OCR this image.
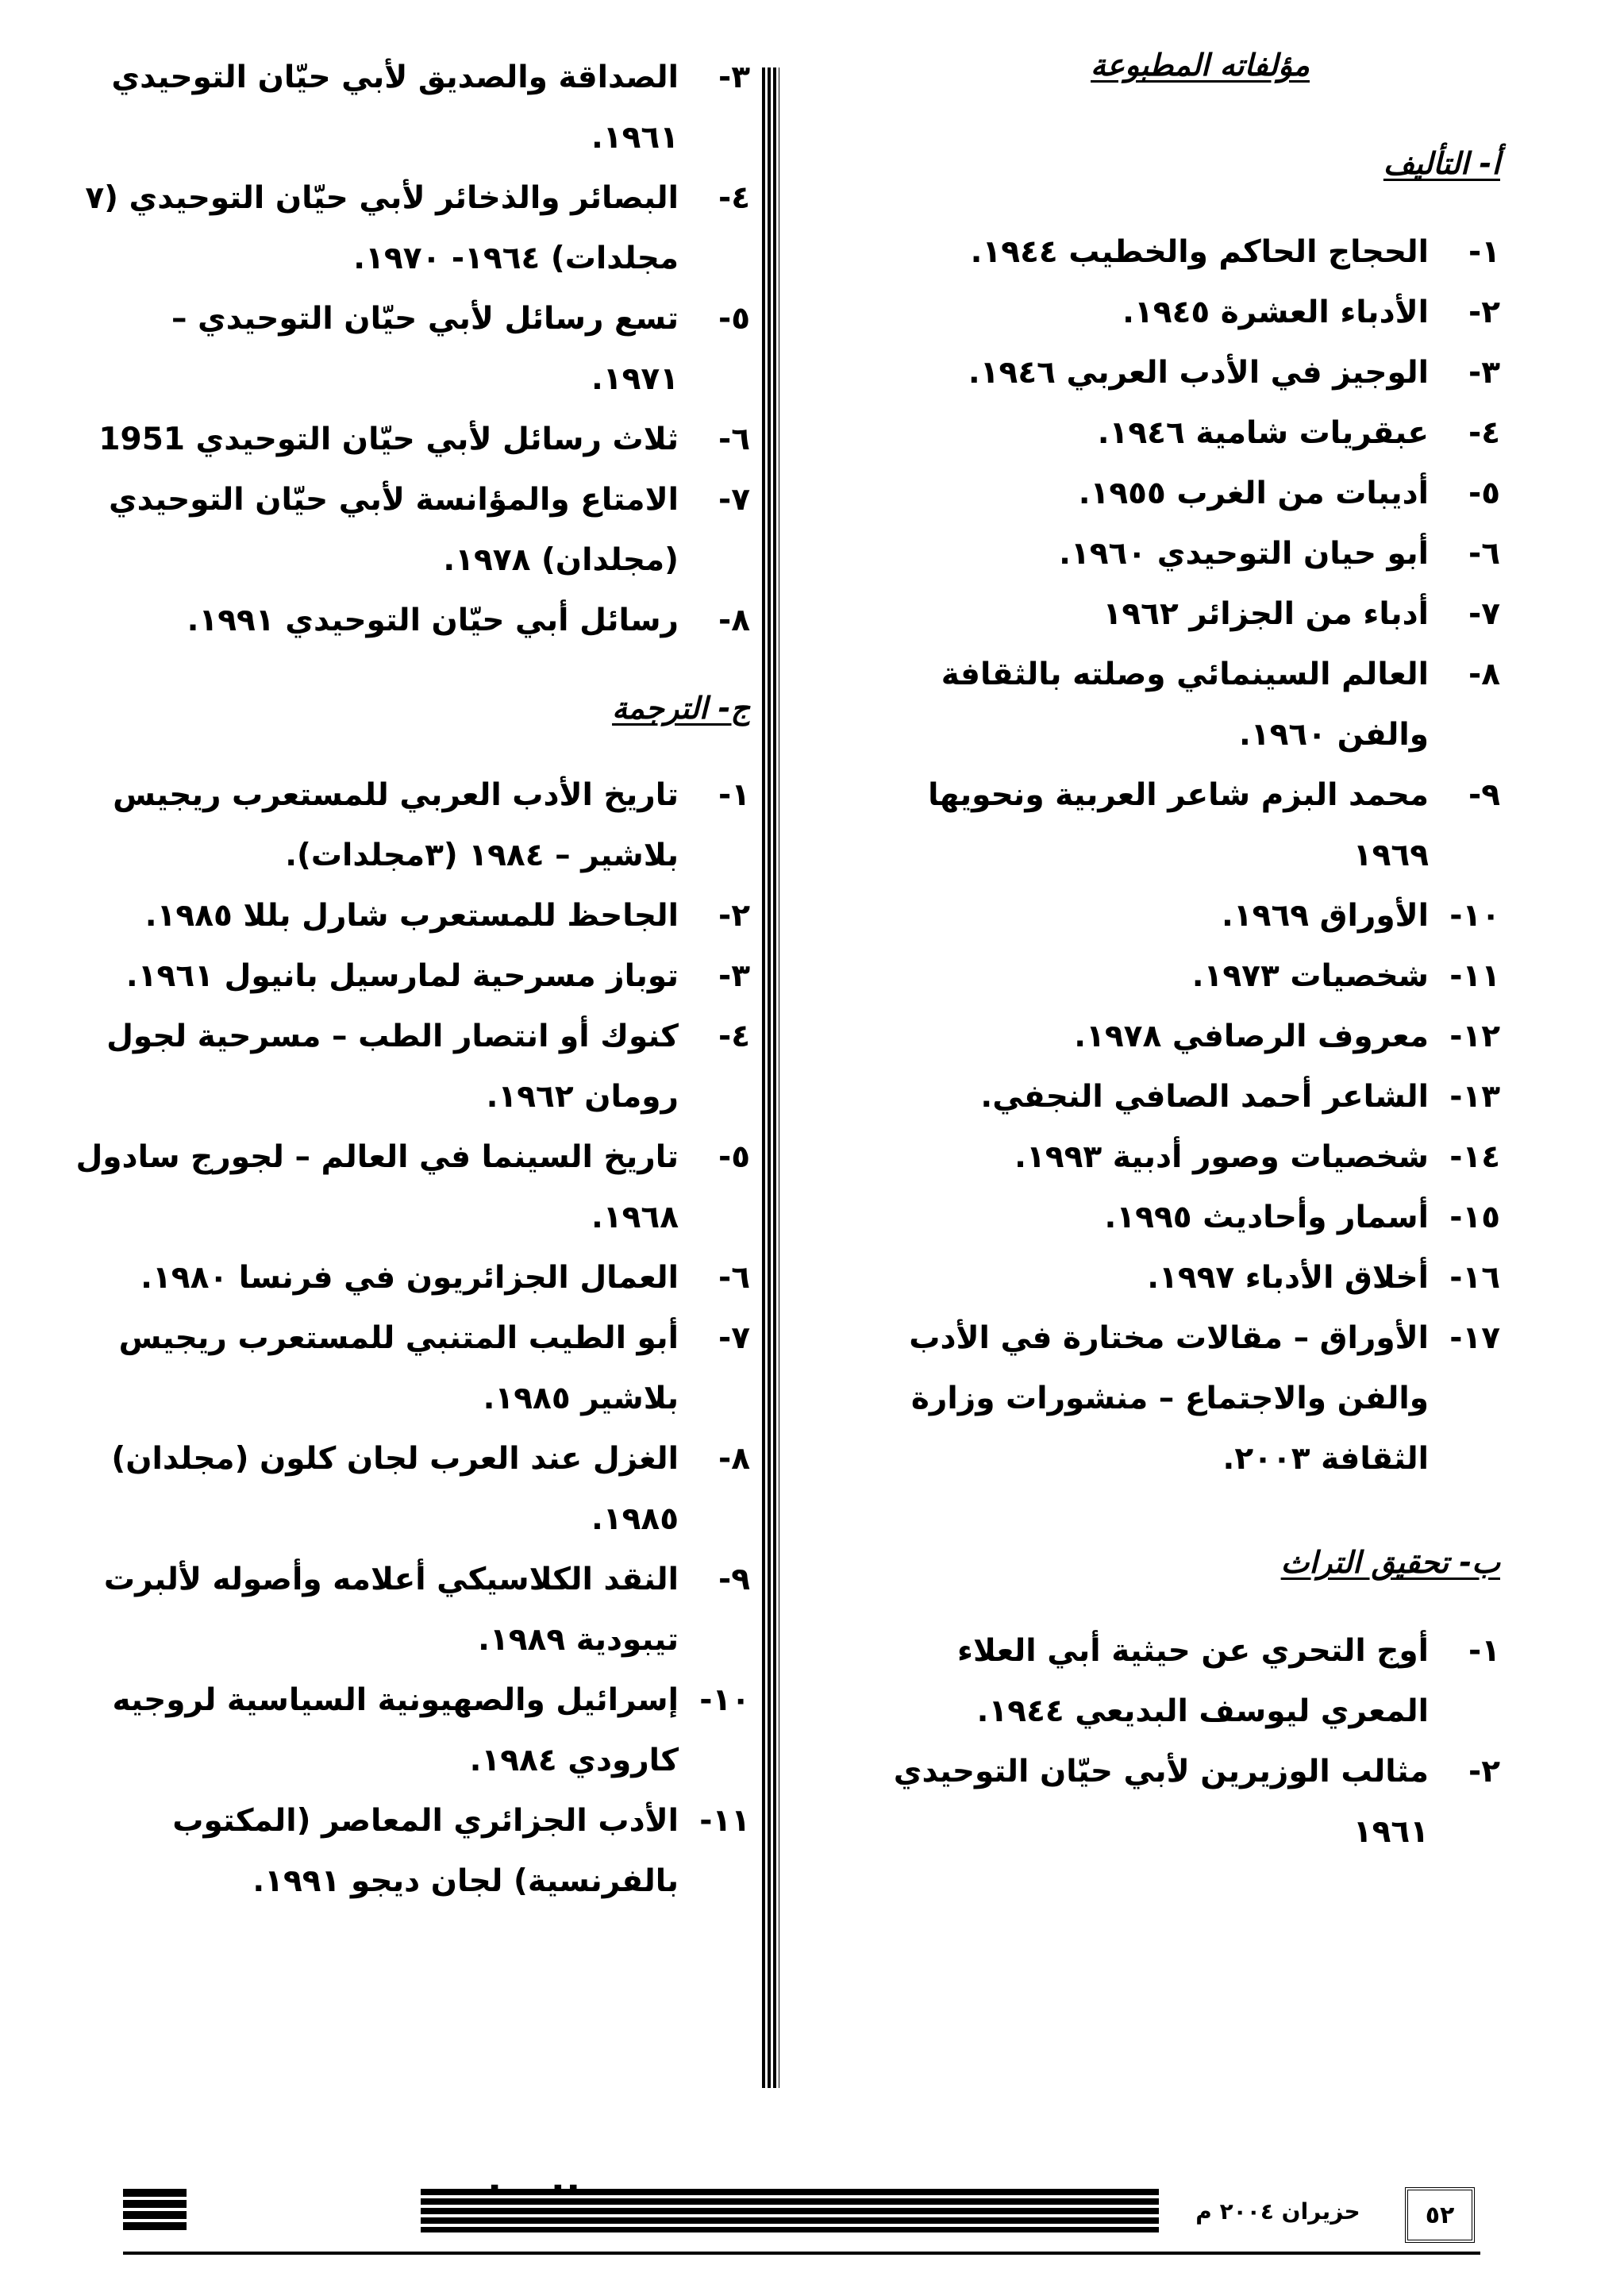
مؤلفاته المطبوعة
أ- التأليف
١-
الحجاج الحاكم والخطيب ١٩٤٤.
٢-
الأدباء العشرة ١٩٤٥.
٣-
الوجيز في الأدب العربي ١٩٤٦.
٤-
عبقريات شامية ١٩٤٦.
٥-
أديبات من الغرب ١٩٥٥.
٦-
أبو حيان التوحيدي ١٩٦٠.
٧-
أدباء من الجزائر ١٩٦٢
٨-
العالم السينمائي وصلته بالثقافة والفن ١٩٦٠.
٩-
محمد البزم شاعر العربية ونحويها ١٩٦٩
١٠-
الأوراق ١٩٦٩.
١١-
شخصيات ١٩٧٣.
١٢-
معروف الرصافي ١٩٧٨.
١٣-
الشاعر أحمد الصافي النجفي.
١٤-
شخصيات وصور أدبية ١٩٩٣.
١٥-
أسمار وأحاديث ١٩٩٥.
١٦-
أخلاق الأدباء ١٩٩٧.
١٧-
الأوراق – مقالات مختارة في الأدب والفن والاجتماع – منشورات وزارة الثقافة ٢٠٠٣.
ب- تحقيق التراث
١-
أوج التحري عن حيثية أبي العلاء المعري ليوسف البديعي ١٩٤٤.
٢-
مثالب الوزيرين لأبي حيّان التوحيدي ١٩٦١
٣-
الصداقة والصديق لأبي حيّان التوحيدي ١٩٦١.
٤-
البصائر والذخائر لأبي حيّان التوحيدي (٧ مجلدات) ١٩٦٤- ١٩٧٠.
٥-
تسع رسائل لأبي حيّان التوحيدي – ١٩٧١.
٦-
ثلاث رسائل لأبي حيّان التوحيدي 1951
٧-
الامتاع والمؤانسة لأبي حيّان التوحيدي (مجلدان) ١٩٧٨.
٨-
رسائل أبي حيّان التوحيدي ١٩٩١.
ج- الترجمة
١-
تاريخ الأدب العربي للمستعرب ريجيس بلاشير – ١٩٨٤ (٣مجلدات).
٢-
الجاحظ للمستعرب شارل بللا ١٩٨٥.
٣-
توباز مسرحية لمارسيل بانيول ١٩٦١.
٤-
كنوك أو انتصار الطب – مسرحية لجول رومان ١٩٦٢.
٥-
تاريخ السينما في العالم – لجورج سادول ١٩٦٨.
٦-
العمال الجزائريون في فرنسا ١٩٨٠.
٧-
أبو الطيب المتنبي للمستعرب ريجيس بلاشير ١٩٨٥.
٨-
الغزل عند العرب لجان كلون (مجلدان) ١٩٨٥.
٩-
النقد الكلاسيكي أعلامه وأصوله لألبرت تيبودية ١٩٨٩.
١٠-
إسرائيل والصهيونية السياسية لروجيه كارودي ١٩٨٤.
١١-
الأدب الجزائري المعاصر (المكتوب بالفرنسية) لجان ديجو ١٩٩١.
حزيران ٢٠٠٤ م	٥٢
